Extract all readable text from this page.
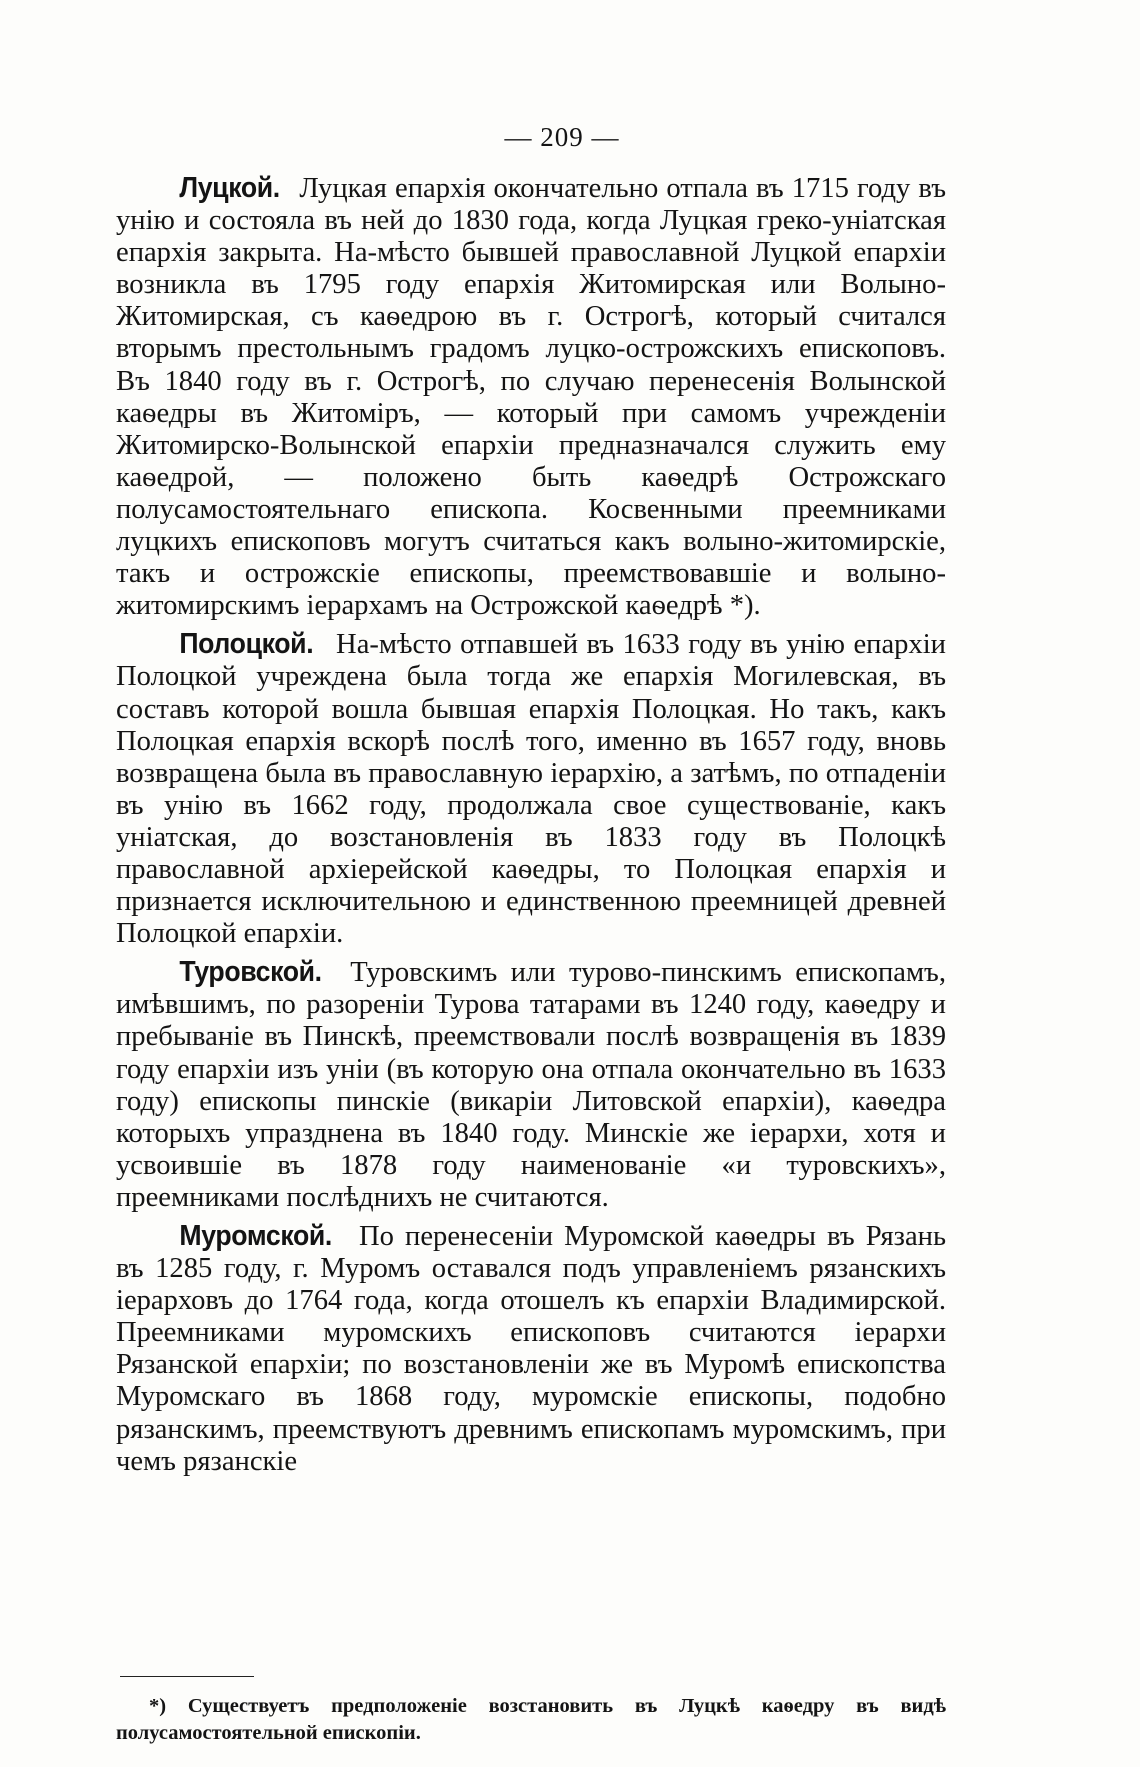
— 209 —

Луцкой. Луцкая епархія окончательно отпала въ 1715 году въ унію и состояла въ ней до 1830 года, когда Луцкая греко-уніатская епархія закрыта. На-мѣсто бывшей православной Луцкой епархіи возникла въ 1795 году епархія Житомирская или Волыно-Житомирская, съ каѳедрою въ г. Острогѣ, который считался вторымъ престольнымъ градомъ луцко-острожскихъ епископовъ. Въ 1840 году въ г. Острогѣ, по случаю перенесенія Волынской каѳедры въ Житоміръ, — который при самомъ учрежденіи Житомирско-Волынской епархіи предназначался служить ему каѳедрой, — положено быть каѳедрѣ Острожскаго полусамостоятельнаго епископа. Косвенными преемниками луцкихъ епископовъ могутъ считаться какъ волыно-житомирскіе, такъ и острожскіе епископы, преемствовавшіе и волыно-житомирскимъ іерархамъ на Острожской каѳедрѣ *).

Полоцкой. На-мѣсто отпавшей въ 1633 году въ унію епархіи Полоцкой учреждена была тогда же епархія Могилевская, въ составъ которой вошла бывшая епархія Полоцкая. Но такъ, какъ Полоцкая епархія вскорѣ послѣ того, именно въ 1657 году, вновь возвращена была въ православную іерархію, а затѣмъ, по отпаденіи въ унію въ 1662 году, продолжала свое существованіе, какъ уніатская, до возстановленія въ 1833 году въ Полоцкѣ православной архіерейской каѳедры, то Полоцкая епархія и признается исключительною и единственною преемницей древней Полоцкой епархіи.

Туровской. Туровскимъ или турово-пинскимъ епископамъ, имѣвшимъ, по разореніи Турова татарами въ 1240 году, каѳедру и пребываніе въ Пинскѣ, преемствовали послѣ возвращенія въ 1839 году епархіи изъ уніи (въ которую она отпала окончательно въ 1633 году) епископы пинскіе (викаріи Литовской епархіи), каѳедра которыхъ упразднена въ 1840 году. Минскіе же іерархи, хотя и усвоившіе въ 1878 году наименованіе «и туровскихъ», преемниками послѣднихъ не считаются.

Муромской. По перенесеніи Муромской каѳедры въ Рязань въ 1285 году, г. Муромъ оставался подъ управленіемъ рязанскихъ іерарховъ до 1764 года, когда отошелъ къ епархіи Владимирской. Преемниками муромскихъ епископовъ считаются іерархи Рязанской епархіи; по возстановленіи же въ Муромѣ епископства Муромскаго въ 1868 году, муромскіе епископы, подобно рязанскимъ, преемствуютъ древнимъ епископамъ муромскимъ, при чемъ рязанскіе

*) Существуетъ предположеніе возстановить въ Луцкѣ каѳедру въ видѣ полусамостоятельной епископіи.
